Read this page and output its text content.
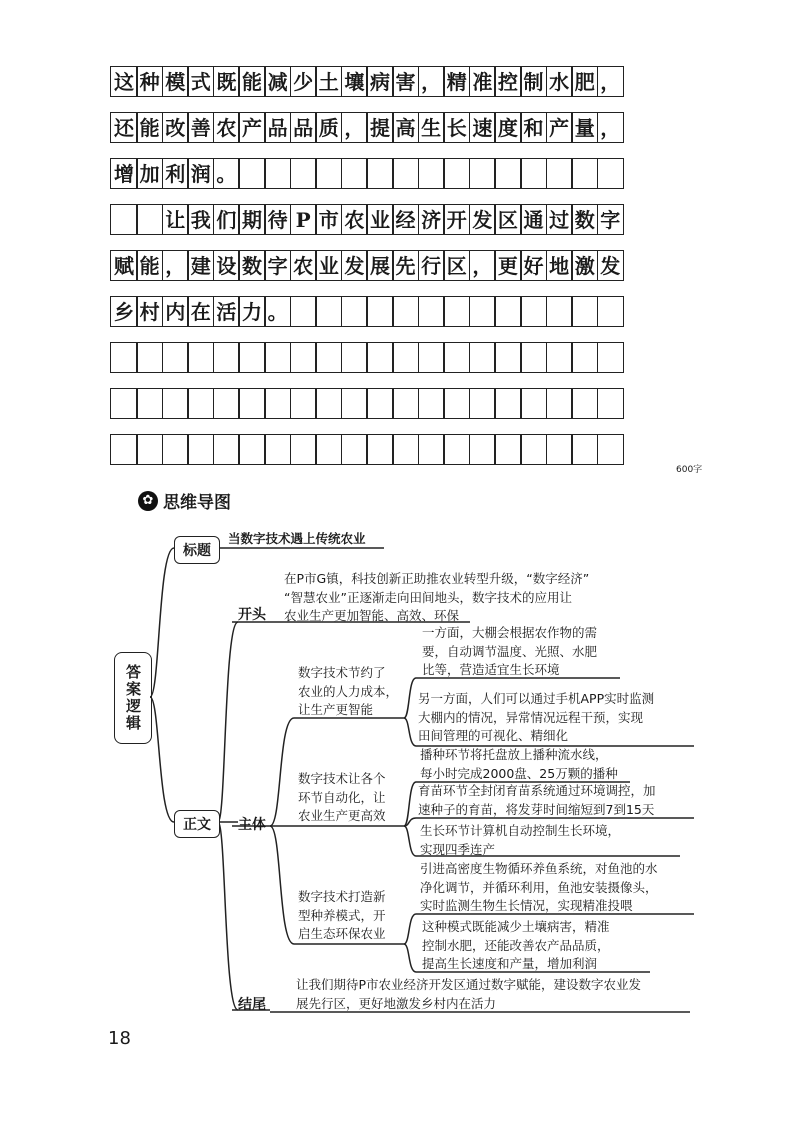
这 种 模 式 既 能 减 少 土 壤 病 害 ， 精 准 控 制 水 肥 ，
还 能 改 善 农 产 品 品 质 ， 提 高 生 长 速 度 和 产 量 ，
增 加 利 润 。
让 我 们 期 待 P 市 农 业 经 济 开 发 区 通 过 数 字
赋 能 ， 建 设 数 字 农 业 发 展 先 行 区 ， 更 好 地 激 发
乡 村 内 在 活 力 。
600字
✿ 思维导图
答案逻辑
标题
当数字技术遇上传统农业
正文
开头
在P市G镇，科技创新正助推农业转型升级，“数字经济”
“智慧农业”正逐渐走向田间地头，数字技术的应用让
农业生产更加智能、高效、环保
主体
结尾
让我们期待P市农业经济开发区通过数字赋能，建设数字农业发
展先行区，更好地激发乡村内在活力
数字技术节约了
农业的人力成本，
让生产更智能
数字技术让各个
环节自动化，让
农业生产更高效
数字技术打造新
型种养模式，开
启生态环保农业
一方面，大棚会根据农作物的需
要，自动调节温度、光照、水肥
比等，营造适宜生长环境
另一方面，人们可以通过手机APP实时监测
大棚内的情况，异常情况远程干预，实现
田间管理的可视化、精细化
播种环节将托盘放上播种流水线，
每小时完成2000盘、25万颗的播种
育苗环节全封闭育苗系统通过环境调控，加
速种子的育苗，将发芽时间缩短到7到15天
生长环节计算机自动控制生长环境，
实现四季连产
引进高密度生物循环养鱼系统，对鱼池的水
净化调节，并循环利用，鱼池安装摄像头，
实时监测生物生长情况，实现精准投喂
这种模式既能减少土壤病害，精准
控制水肥，还能改善农产品品质，
提高生长速度和产量，增加利润
18
